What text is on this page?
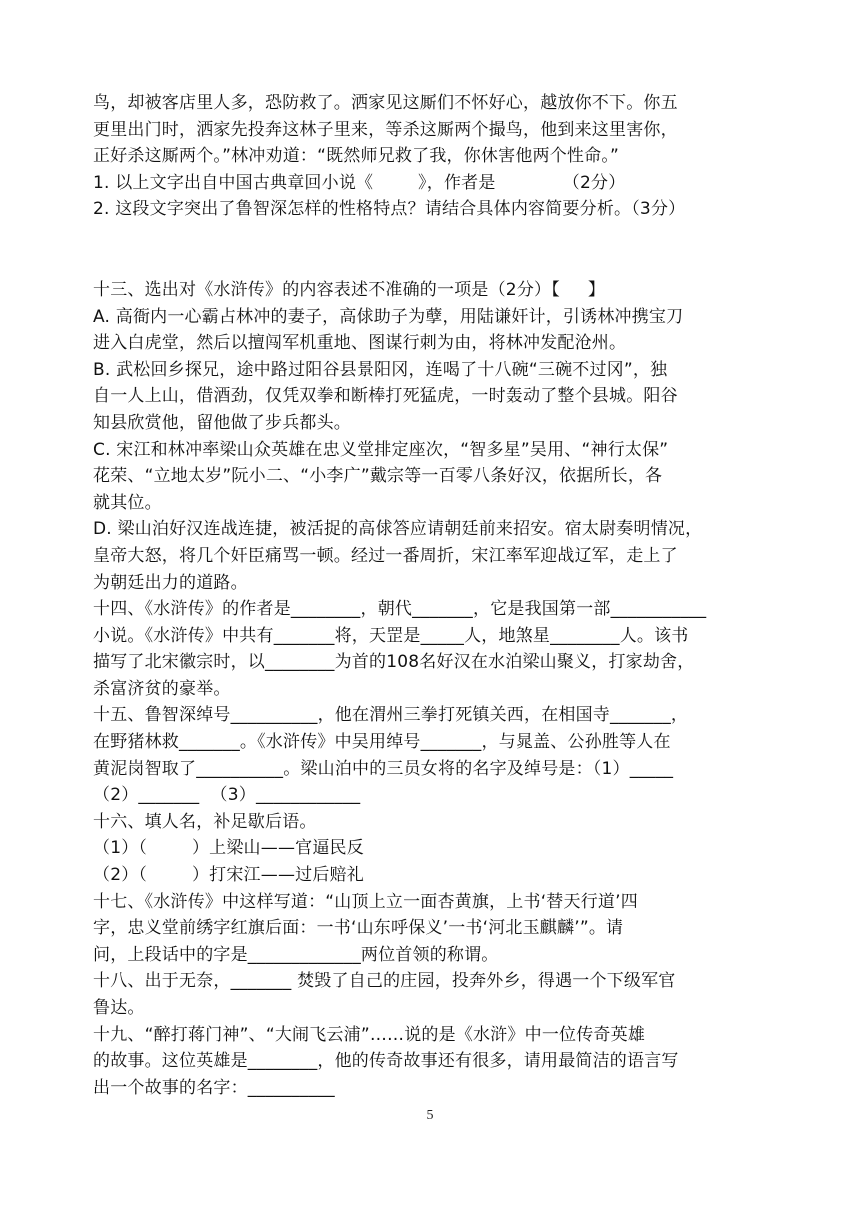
鸟，却被客店里人多，恐防救了。洒家见这厮们不怀好心，越放你不下。你五
更里出门时，洒家先投奔这林子里来，等杀这厮两个撮鸟，他到来这里害你，
正好杀这厮两个。”林冲劝道：“既然师兄救了我，你休害他两个性命。”
1. 以上文字出自中国古典章回小说《        》，作者是            （2分）
2. 这段文字突出了鲁智深怎样的性格特点？请结合具体内容简要分析。（3分）
十三、选出对《水浒传》的内容表述不准确的一项是（2分）【     】
A. 高衙内一心霸占林冲的妻子，高俅助子为孽，用陆谦奸计，引诱林冲携宝刀
进入白虎堂，然后以擅闯军机重地、图谋行刺为由，将林冲发配沧州。
B. 武松回乡探兄，途中路过阳谷县景阳冈，连喝了十八碗“三碗不过冈”，独
自一人上山，借酒劲，仅凭双拳和断棒打死猛虎，一时轰动了整个县城。阳谷
知县欣赏他，留他做了步兵都头。
C. 宋江和林冲率梁山众英雄在忠义堂排定座次，“智多星”吴用、“神行太保”
花荣、“立地太岁”阮小二、“小李广”戴宗等一百零八条好汉，依据所长，各
就其位。
D. 梁山泊好汉连战连捷，被活捉的高俅答应请朝廷前来招安。宿太尉奏明情况，
皇帝大怒，将几个奸臣痛骂一顿。经过一番周折，宋江率军迎战辽军，走上了
为朝廷出力的道路。
十四、《水浒传》的作者是________，朝代_______，它是我国第一部___________
小说。《水浒传》中共有_______将，天罡是_____人，地煞星________人。该书
描写了北宋徽宗时，以________为首的108名好汉在水泊梁山聚义，打家劫舍，
杀富济贫的豪举。
十五、鲁智深绰号__________，他在渭州三拳打死镇关西，在相国寺_______，
在野猪林救_______。《水浒传》中吴用绰号_______，与晁盖、公孙胜等人在
黄泥岗智取了__________。梁山泊中的三员女将的名字及绰号是：（1）_____
（2）_______  （3）____________
十六、填人名，补足歇后语。
（1）（        ）上梁山——官逼民反
（2）（        ）打宋江——过后赔礼
十七、《水浒传》中这样写道：“山顶上立一面杏黄旗，上书‘替天行道’四
字，忠义堂前绣字红旗后面：一书‘山东呼保义’一书‘河北玉麒麟’”。请
问，上段话中的字是_____________两位首领的称谓。
十八、出于无奈，_______ 焚毁了自己的庄园，投奔外乡，得遇一个下级军官
鲁达。
十九、“醉打蒋门神”、“大闹飞云浦”……说的是《水浒》中一位传奇英雄
的故事。这位英雄是________，他的传奇故事还有很多，请用最简洁的语言写
出一个故事的名字：__________
5
